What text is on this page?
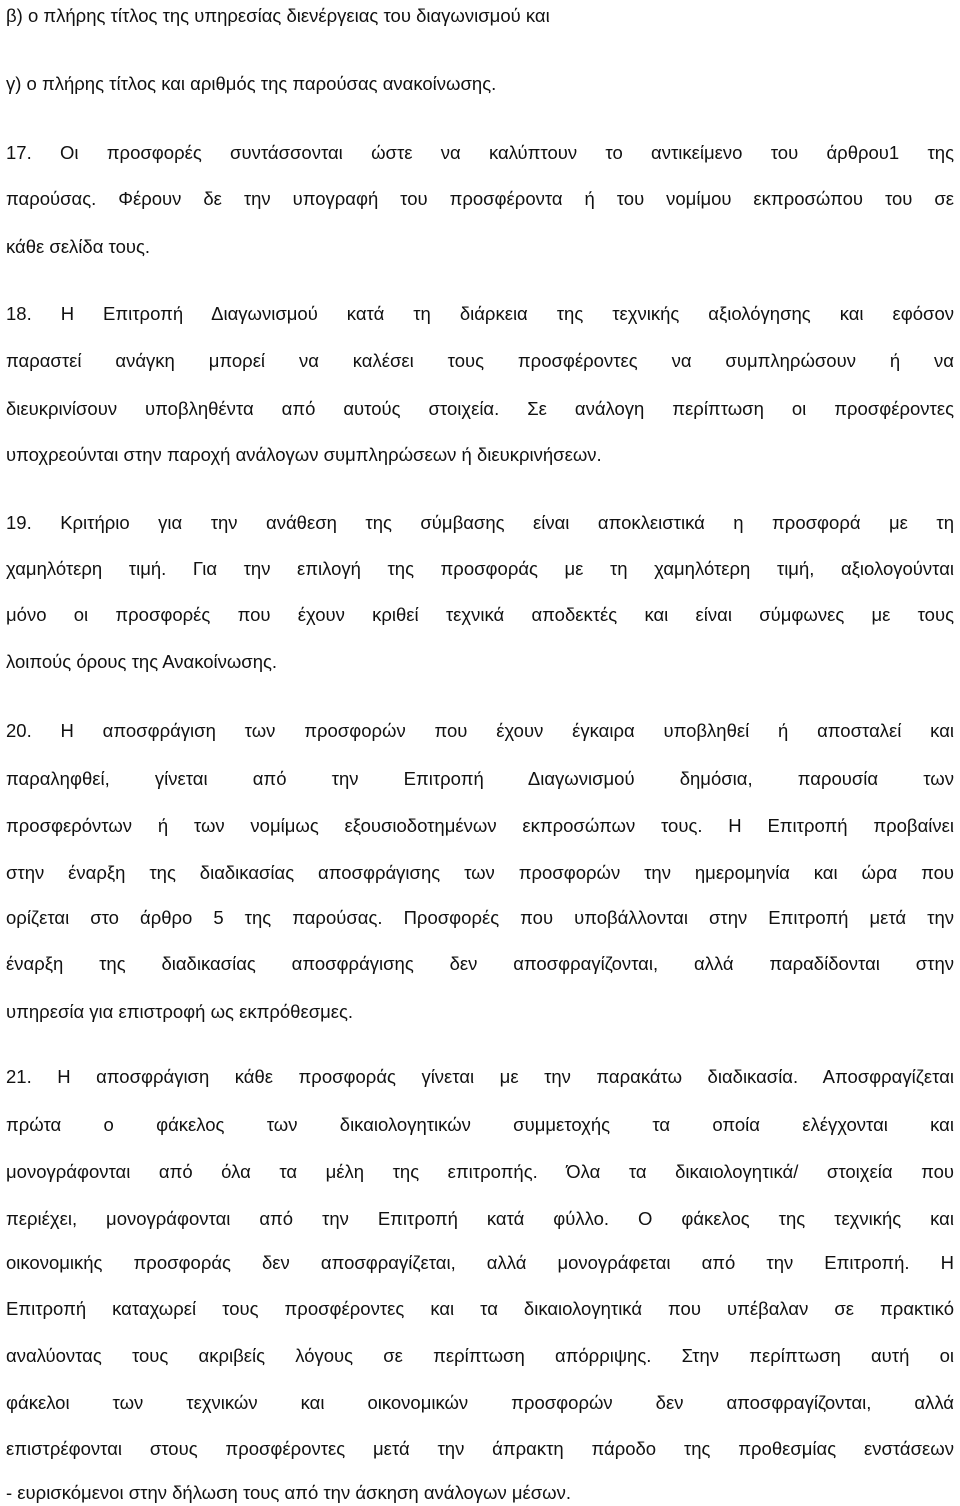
β) ο πλήρης τίτλος της υπηρεσίας διενέργειας του διαγωνισμού και
γ) ο πλήρης τίτλος και αριθμός της παρούσας ανακοίνωσης.
17. Οι προσφορές συντάσσονται ώστε να καλύπτουν το αντικείμενο του άρθρου1 της
παρούσας. Φέρουν δε την υπογραφή του προσφέροντα ή του νομίμου εκπροσώπου του σε
κάθε σελίδα τους.
18. Η Επιτροπή Διαγωνισμού κατά τη διάρκεια της τεχνικής αξιολόγησης και εφόσον
παραστεί ανάγκη μπορεί να καλέσει τους προσφέροντες να συμπληρώσουν ή να
διευκρινίσουν υποβληθέντα από αυτούς στοιχεία. Σε ανάλογη περίπτωση οι προσφέροντες
υποχρεούνται στην παροχή ανάλογων συμπληρώσεων ή διευκρινήσεων.
19. Κριτήριο για την ανάθεση της σύμβασης είναι αποκλειστικά η προσφορά με τη
χαμηλότερη τιμή. Για την επιλογή της προσφοράς με τη χαμηλότερη τιμή, αξιολογούνται
μόνο οι προσφορές που έχουν κριθεί τεχνικά αποδεκτές και είναι σύμφωνες με τους
λοιπούς όρους της Ανακοίνωσης.
20. Η αποσφράγιση των προσφορών που έχουν έγκαιρα υποβληθεί ή αποσταλεί και
παραληφθεί, γίνεται από την Επιτροπή Διαγωνισμού δημόσια, παρουσία των
προσφερόντων ή των νομίμως εξουσιοδοτημένων εκπροσώπων τους. Η Επιτροπή προβαίνει
στην έναρξη της διαδικασίας αποσφράγισης των προσφορών την ημερομηνία και ώρα που
ορίζεται στο άρθρο 5 της παρούσας. Προσφορές που υποβάλλονται στην Επιτροπή μετά την
έναρξη της διαδικασίας αποσφράγισης δεν αποσφραγίζονται, αλλά παραδίδονται στην
υπηρεσία για επιστροφή ως εκπρόθεσμες.
21. Η αποσφράγιση κάθε προσφοράς γίνεται με την παρακάτω διαδικασία. Αποσφραγίζεται
πρώτα ο φάκελος των δικαιολογητικών συμμετοχής τα οποία ελέγχονται και
μονογράφονται από όλα τα μέλη της επιτροπής. Όλα τα δικαιολογητικά/ στοιχεία που
περιέχει, μονογράφονται από την Επιτροπή κατά φύλλο. Ο φάκελος της τεχνικής και
οικονομικής προσφοράς δεν αποσφραγίζεται, αλλά μονογράφεται από την Επιτροπή. Η
Επιτροπή καταχωρεί τους προσφέροντες και τα δικαιολογητικά που υπέβαλαν σε πρακτικό
αναλύοντας τους ακριβείς λόγους σε περίπτωση απόρριψης. Στην περίπτωση αυτή οι
φάκελοι των τεχνικών και οικονομικών προσφορών δεν αποσφραγίζονται, αλλά
επιστρέφονται στους προσφέροντες μετά την άπρακτη πάροδο της προθεσμίας ενστάσεων
- ευρισκόμενοι στην δήλωση τους από την άσκηση ανάλογων μέσων.
